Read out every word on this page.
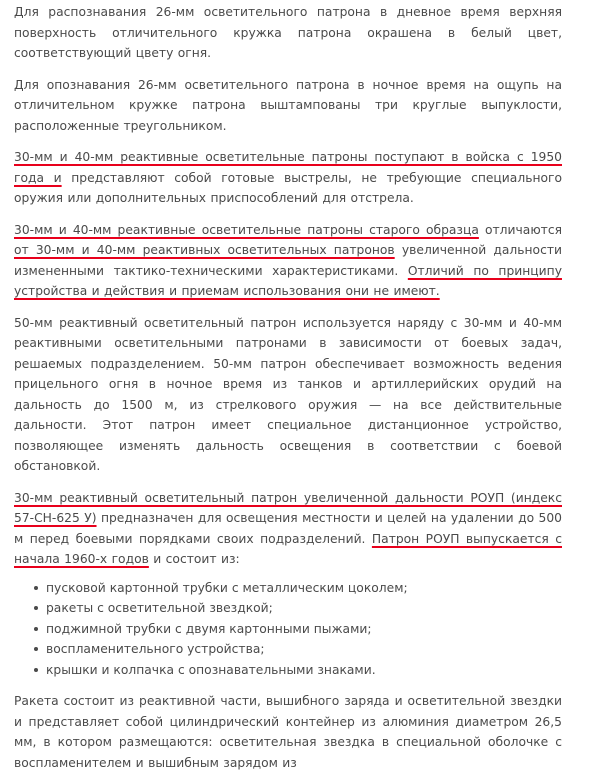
Для распознавания 26-мм осветительного патрона в дневное время верхняя поверхность отличительного кружка патрона окрашена в белый цвет, соответствующий цвету огня.

Для опознавания 26-мм осветительного патрона в ночное время на ощупь на отличительном кружке патрона выштампованы три круглые выпуклости, расположенные треугольником.

30-мм и 40-мм реактивные осветительные патроны поступают в войска с 1950 года и представляют собой готовые выстрелы, не требующие специального оружия или дополнительных приспособлений для отстрела.

30-мм и 40-мм реактивные осветительные патроны старого образца отличаются от 30-мм и 40-мм реактивных осветительных патронов увеличенной дальности измененными тактико-техническими характеристиками. Отличий по принципу устройства и действия и приемам использования они не имеют.

50-мм реактивный осветительный патрон используется наряду с 30-мм и 40-мм реактивными осветительными патронами в зависимости от боевых задач, решаемых подразделением. 50-мм патрон обеспечивает возможность ведения прицельного огня в ночное время из танков и артиллерийских орудий на дальность до 1500 м, из стрелкового оружия — на все действительные дальности. Этот патрон имеет специальное дистанционное устройство, позволяющее изменять дальность освещения в соответствии с боевой обстановкой.

30-мм реактивный осветительный патрон увеличенной дальности РОУП (индекс 57-СН-625 У) предназначен для освещения местности и целей на удалении до 500 м перед боевыми порядками своих подразделений. Патрон РОУП выпускается с начала 1960-х годов и состоит из:

пусковой картонной трубки с металлическим цоколем;
ракеты с осветительной звездкой;
поджимной трубки с двумя картонными пыжами;
воспламенительного устройства;
крышки и колпачка с опознавательными знаками.

Ракета состоит из реактивной части, вышибного заряда и осветительной звездки и представляет собой цилиндрический контейнер из алюминия диаметром 26,5 мм, в котором размещаются: осветительная звездка в специальной оболочке с воспламенителем и вышибным зарядом из
